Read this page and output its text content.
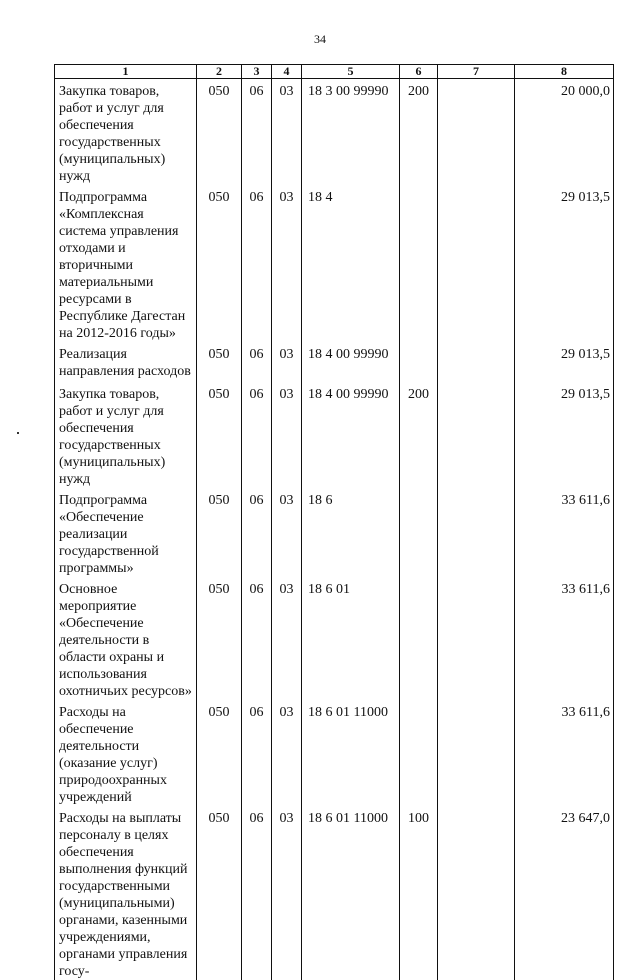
34
1	2	3	4	5	6	7	8
Закупка товаров, работ и услуг для обеспечения государственных (муниципальных) нужд	050	06	03	18 3 00 99990	200		20 000,0
Подпрограмма «Комплексная система управления отходами и вторичными материальными ресурсами в Республике Дагестан на 2012-2016 годы»	050	06	03	18 4			29 013,5
Реализация направления расходов	050	06	03	18 4 00 99990			29 013,5
Закупка товаров, работ и услуг для обеспечения государственных (муниципальных) нужд	050	06	03	18 4 00 99990	200		29 013,5
Подпрограмма «Обеспечение реализации государственной программы»	050	06	03	18 6			33 611,6
Основное мероприятие «Обеспечение деятельности в области охраны и использования охотничьих ресурсов»	050	06	03	18 6 01			33 611,6
Расходы на обеспечение деятельности (оказание услуг) природоохранных учреждений	050	06	03	18 6 01 11000			33 611,6
Расходы на выплаты персоналу в целях обеспечения выполнения функций государственными (муниципальными) органами, казенными учреждениями, органами управления госу-	050	06	03	18 6 01 11000	100		23 647,0
